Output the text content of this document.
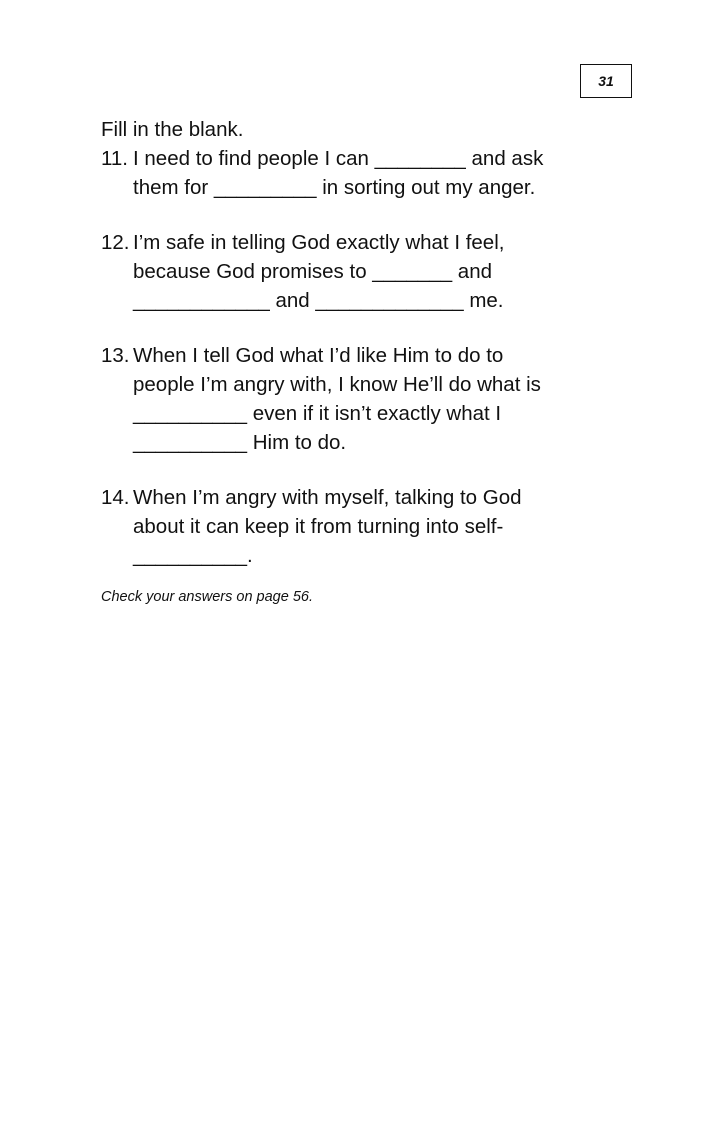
31

Fill in the blank.

11. I need to find people I can ________ and ask
them for _________ in sorting out my anger.
12. I’m safe in telling God exactly what I feel,
because God promises to _______ and
____________ and _____________ me.
13. When I tell God what I’d like Him to do to
people I’m angry with, I know He’ll do what is
__________ even if it isn’t exactly what I
__________ Him to do.
14. When I’m angry with myself, talking to God
about it can keep it from turning into self-
__________.

Check your answers on page 56.
